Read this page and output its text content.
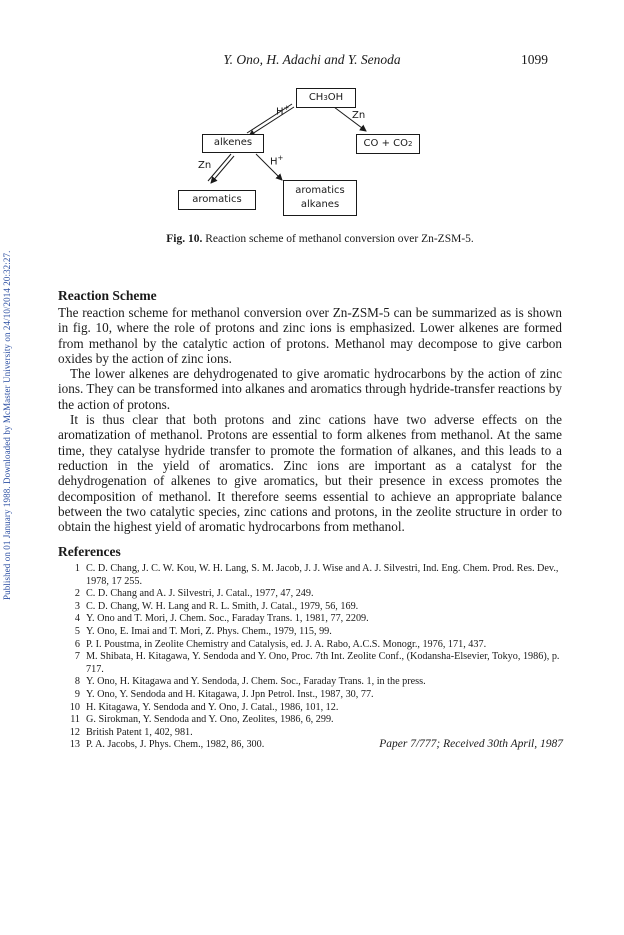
Y. Ono, H. Adachi and Y. Senoda	1099
Published on 01 January 1988. Downloaded by McMaster University on 24/10/2014 20:32:27.
CH 3 OH
alkenes	CO + CO 2
aromatics
aromatics
alkanes
H+
Zn
Zn	H+
Fig. 10. Reaction scheme of methanol conversion over Zn-ZSM-5.
Reaction Scheme

The reaction scheme for methanol conversion over Zn-ZSM-5 can be summarized as is shown in fig. 10, where the role of protons and zinc ions is emphasized. Lower alkenes are formed from methanol by the catalytic action of protons. Methanol may decompose to give carbon oxides by the action of zinc ions.

The lower alkenes are dehydrogenated to give aromatic hydrocarbons by the action of zinc ions. They can be transformed into alkanes and aromatics through hydride-transfer reactions by the action of protons.

It is thus clear that both protons and zinc cations have two adverse effects on the aromatization of methanol. Protons are essential to form alkenes from methanol. At the same time, they catalyse hydride transfer to promote the formation of alkanes, and this leads to a reduction in the yield of aromatics. Zinc ions are important as a catalyst for the dehydrogenation of alkenes to give aromatics, but their presence in excess promotes the decomposition of methanol. It therefore seems essential to achieve an appropriate balance between the two catalytic species, zinc cations and protons, in the zeolite structure in order to obtain the highest yield of aromatic hydrocarbons from methanol.

References
1 C. D. Chang, J. C. W. Kou, W. H. Lang, S. M. Jacob, J. J. Wise and A. J. Silvestri, Ind. Eng. Chem. Prod. Res. Dev., 1978, 17 255.
2 C. D. Chang and A. J. Silvestri, J. Catal., 1977, 47, 249.
3 C. D. Chang, W. H. Lang and R. L. Smith, J. Catal., 1979, 56, 169.
4 Y. Ono and T. Mori, J. Chem. Soc., Faraday Trans. 1, 1981, 77, 2209.
5 Y. Ono, E. Imai and T. Mori, Z. Phys. Chem., 1979, 115, 99.
6 P. I. Poustma, in Zeolite Chemistry and Catalysis, ed. J. A. Rabo, A.C.S. Monogr., 1976, 171, 437.
7 M. Shibata, H. Kitagawa, Y. Sendoda and Y. Ono, Proc. 7th Int. Zeolite Conf., (Kodansha-Elsevier, Tokyo, 1986), p. 717.
8 Y. Ono, H. Kitagawa and Y. Sendoda, J. Chem. Soc., Faraday Trans. 1, in the press.
9 Y. Ono, Y. Sendoda and H. Kitagawa, J. Jpn Petrol. Inst., 1987, 30, 77.
10 H. Kitagawa, Y. Sendoda and Y. Ono, J. Catal., 1986, 101, 12.
11 G. Sirokman, Y. Sendoda and Y. Ono, Zeolites, 1986, 6, 299.
12 British Patent 1, 402, 981.
13 P. A. Jacobs, J. Phys. Chem., 1982, 86, 300.	Paper 7/777; Received 30th April, 1987
